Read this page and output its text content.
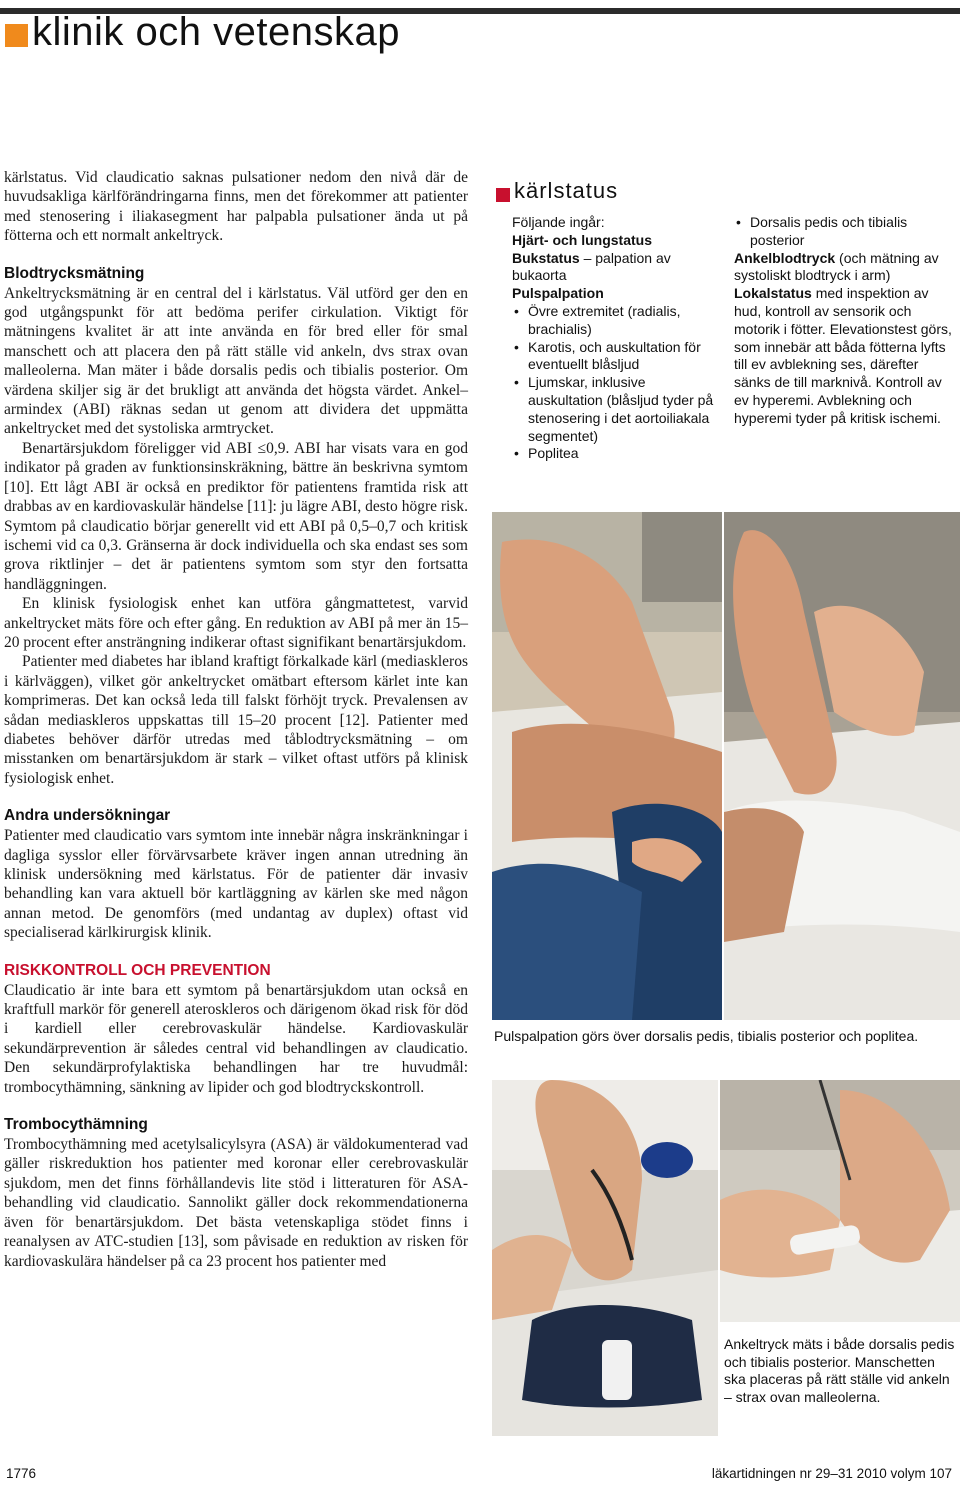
klinik och vetenskap

kärlstatus. Vid claudicatio saknas pulsationer nedom den nivå där de huvudsakliga kärlförändringarna finns, men det förekommer att patienter med stenosering i iliakasegment har palpabla pulsationer ända ut på fötterna och ett normalt ankeltryck.

Blodtrycksmätning

Ankeltrycksmätning är en central del i kärlstatus. Väl utförd ger den en god utgångspunkt för att bedöma perifer cirkulation. Viktigt för mätningens kvalitet är att inte använda en för bred eller för smal manschett och att placera den på rätt ställe vid ankeln, dvs strax ovan malleolerna. Man mäter i både dorsalis pedis och tibialis posterior. Om värdena skiljer sig är det brukligt att använda det högsta värdet. Ankel–armindex (ABI) räknas sedan ut genom att dividera det uppmätta ankeltrycket med det systoliska armtrycket.

Benartärsjukdom föreligger vid ABI ≤0,9. ABI har visats vara en god indikator på graden av funktionsinskräkning, bättre än beskrivna symtom [10]. Ett lågt ABI är också en prediktor för patientens framtida risk att drabbas av en kardiovaskulär händelse [11]: ju lägre ABI, desto högre risk. Symtom på claudicatio börjar generellt vid ett ABI på 0,5–0,7 och kritisk ischemi vid ca 0,3. Gränserna är dock individuella och ska endast ses som grova riktlinjer – det är patientens symtom som styr den fortsatta handläggningen.

En klinisk fysiologisk enhet kan utföra gångmattetest, varvid ankeltrycket mäts före och efter gång. En reduktion av ABI på mer än 15–20 procent efter ansträngning indikerar oftast signifikant benartärsjukdom.

Patienter med diabetes har ibland kraftigt förkalkade kärl (mediaskleros i kärlväggen), vilket gör ankeltrycket omätbart eftersom kärlet inte kan komprimeras. Det kan också leda till falskt förhöjt tryck. Prevalensen av sådan mediaskleros uppskattas till 15–20 procent [12]. Patienter med diabetes behöver därför utredas med tåblodtrycksmätning – om misstanken om benartärsjukdom är stark – vilket oftast utförs på klinisk fysiologisk enhet.

Andra undersökningar

Patienter med claudicatio vars symtom inte innebär några inskränkningar i dagliga sysslor eller förvärvsarbete kräver ingen annan utredning än klinisk undersökning med kärlstatus. För de patienter där invasiv behandling kan vara aktuell bör kartläggning av kärlen ske med någon annan metod. De genomförs (med undantag av duplex) oftast vid specialiserad kärlkirurgisk klinik.

RISKKONTROLL OCH PREVENTION

Claudicatio är inte bara ett symtom på benartärsjukdom utan också en kraftfull markör för generell ateroskleros och därigenom ökad risk för död i kardiell eller cerebrovaskulär händelse. Kardiovaskulär sekundärprevention är således central vid behandlingen av claudicatio. Den sekundärprofylaktiska behandlingen har tre huvudmål: trombocythämning, sänkning av lipider och god blodtryckskontroll.

Trombocythämning

Trombocythämning med acetylsalicylsyra (ASA) är väldokumenterad vad gäller riskreduktion hos patienter med koronar eller cerebrovaskulär sjukdom, men det finns förhållandevis lite stöd i litteraturen för ASA-behandling vid claudicatio. Sannolikt gäller dock rekommendationerna även för benartärsjukdom. Det bästa vetenskapliga stödet finns i reanalysen av ATC-studien [13], som påvisade en reduktion av risken för kardiovaskulära händelser på ca 23 procent hos patienter med

kärlstatus

Följande ingår:

Hjärt- och lungstatus

Bukstatus – palpation av bukaorta

Pulspalpation

• Övre extremitet (radialis, brachialis)
• Karotis, och auskultation för eventuellt blåsljud
• Ljumskar, inklusive auskultation (blåsljud tyder på stenosering i det aortoiliakala segmentet)
• Poplitea
• Dorsalis pedis och tibialis posterior

Ankelblodtryck (och mätning av systoliskt blodtryck i arm)

Lokalstatus med inspektion av hud, kontroll av sensorik och motorik i fötter. Elevationstest görs, som innebär att båda fötterna lyfts till ev avblekning ses, därefter sänks de till marknivå. Kontroll av ev hyperemi. Avblekning och hyperemi tyder på kritisk ischemi.

Pulspalpation görs över dorsalis pedis, tibialis posterior och poplitea.

Ankeltryck mäts i både dorsalis pedis och tibialis posterior. Manschetten ska placeras på rätt ställe vid ankeln – strax ovan malleolerna.

1776	läkartidningen nr 29–31 2010 volym 107
